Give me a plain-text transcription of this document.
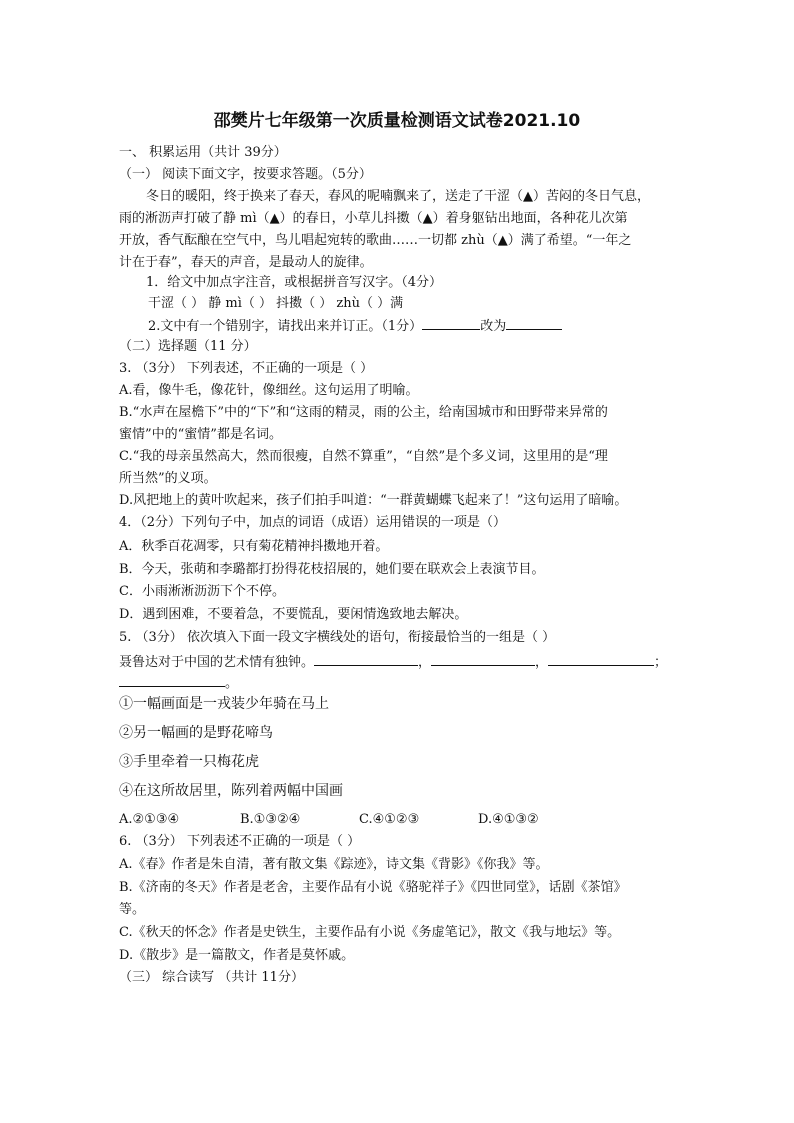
邵樊片七年级第一次质量检测语文试卷2021.10
一、 积累运用（共计 39分）
（一） 阅读下面文字，按要求答题。（5分）
冬日的暖阳，终于换来了春天，春风的呢喃飘来了，送走了干涩（▲）苦闷的冬日气息，
雨的淅沥声打破了静 mì（▲）的春日，小草儿抖擞（▲）着身躯钻出地面，各种花儿次第
开放，香气酝酿在空气中，鸟儿唱起宛转的歌曲……一切都 zhù（▲）满了希望。“一年之
计在于春”，春天的声音，是最动人的旋律。
1．给文中加点字注音，或根据拼音写汉字。（4分）
干涩（ ） 静 mì（ ） 抖擞（ ） zhù（ ）满
2.文中有一个错别字，请找出来并订正。（1分）	改为
（二）选择题（11 分）
3. （3分） 下列表述，不正确的一项是（ ）
A.看，像牛毛，像花针，像细丝。这句运用了明喻。
B.“水声在屋檐下”中的“下”和“这雨的精灵，雨的公主，给南国城市和田野带来异常的
蜜情”中的“蜜情”都是名词。
C.“我的母亲虽然高大，然而很瘦，自然不算重”，“自然”是个多义词，这里用的是“理
所当然”的义项。
D.风把地上的黄叶吹起来，孩子们拍手叫道：“一群黄蝴蝶飞起来了！”这句运用了暗喻。
4．（2分）下列句子中，加点的词语（成语）运用错误的一项是（）
A．秋季百花凋零，只有菊花精神抖擞地开着。
B．今天，张萌和李璐都打扮得花枝招展的，她们要在联欢会上表演节目。
C．小雨淅淅沥沥下个不停。
D．遇到困难，不要着急，不要慌乱，要闲情逸致地去解决。
5. （3分） 依次填入下面一段文字横线处的语句，衔接最恰当的一组是（ ）
聂鲁达对于中国的艺术情有独钟。	，	，	；
。
①一幅画面是一戎装少年骑在马上
②另一幅画的是野花啼鸟
③手里牵着一只梅花虎
④在这所故居里，陈列着两幅中国画
A.②①③④	B.①③②④	C.④①②③	D.④①③②
6. （3分） 下列表述不正确的一项是（ ）
A.《春》作者是朱自清，著有散文集《踪迹》，诗文集《背影》《你我》等。
B.《济南的冬天》作者是老舍，主要作品有小说《骆驼祥子》《四世同堂》，话剧《茶馆》
等。
C.《秋天的怀念》作者是史铁生，主要作品有小说《务虚笔记》，散文《我与地坛》等。
D.《散步》是一篇散文，作者是莫怀戚。
（三） 综合读写 （共计 11分）
